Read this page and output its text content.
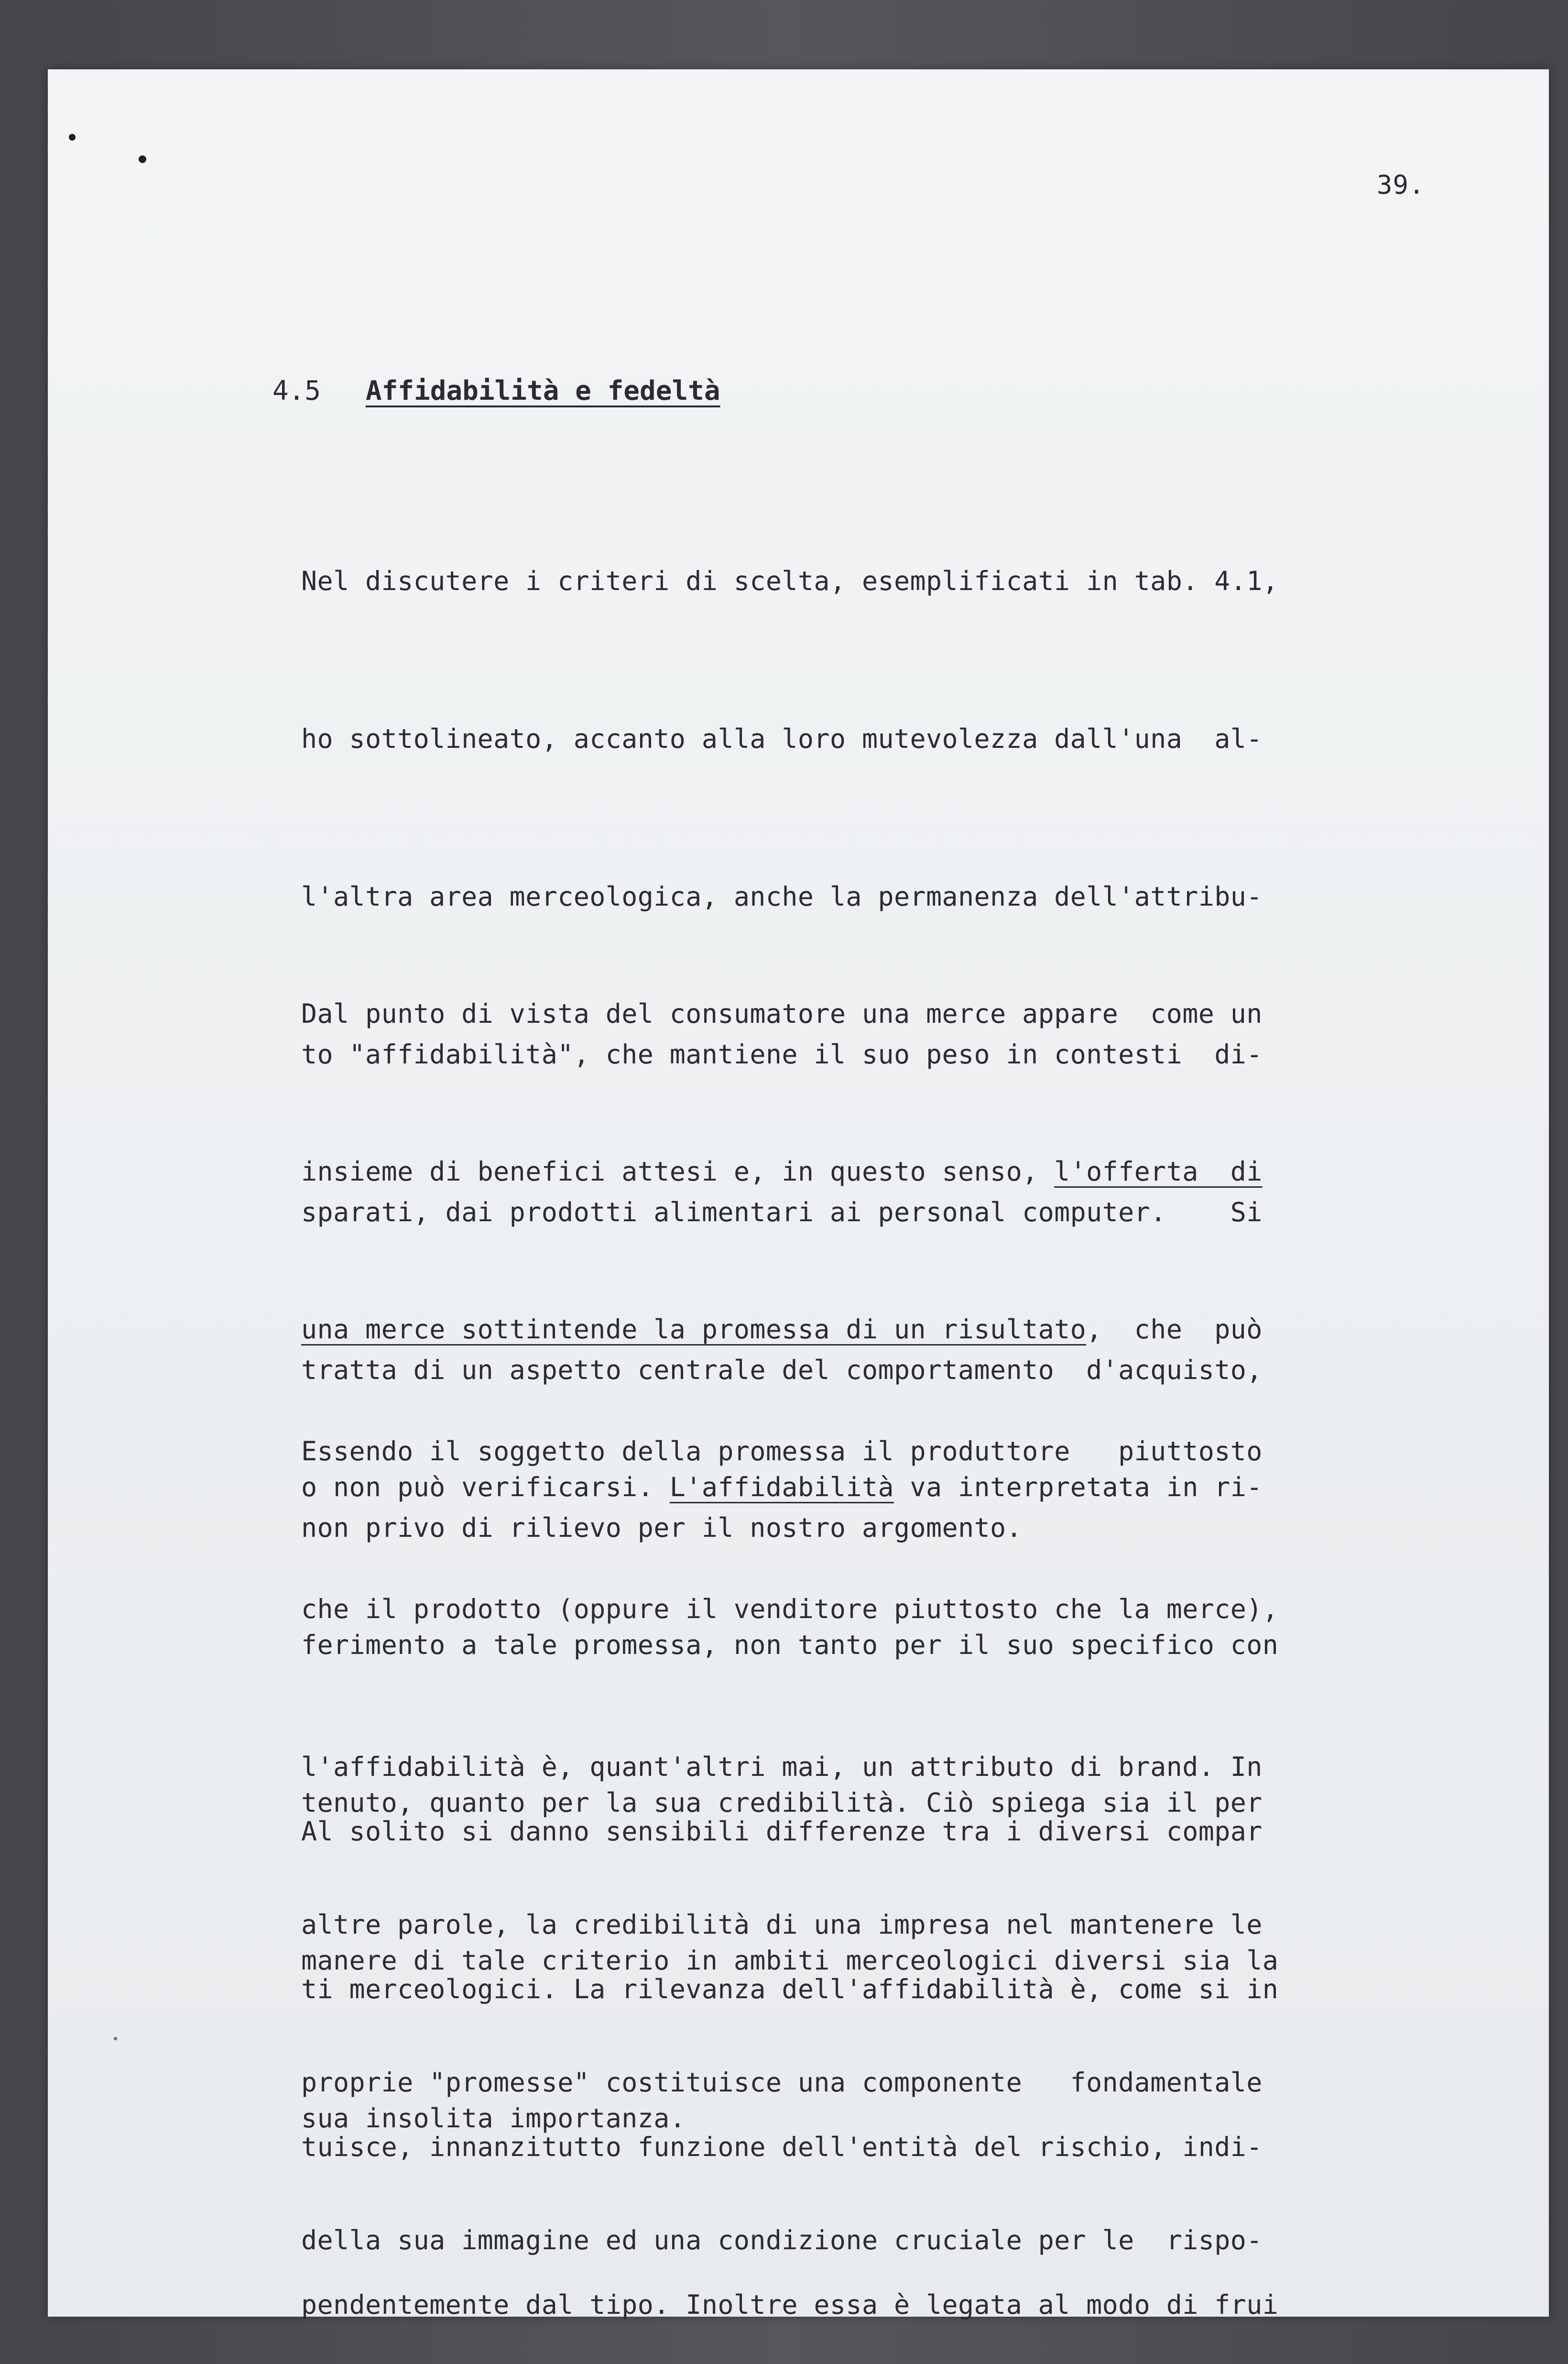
39.

4.5 Affidabilità e fedeltà

Nel discutere i criteri di scelta, esemplificati in tab. 4.1,

ho sottolineato, accanto alla loro mutevolezza dall'una  al-

l'altra area merceologica, anche la permanenza dell'attribu-

to "affidabilità", che mantiene il suo peso in contesti  di-

sparati, dai prodotti alimentari ai personal computer.    Si

tratta di un aspetto centrale del comportamento  d'acquisto,

non privo di rilievo per il nostro argomento.

Dal punto di vista del consumatore una merce appare  come un

insieme di benefici attesi e, in questo senso, l'offerta  di

una merce sottintende la promessa di un risultato,  che  può

o non può verificarsi. L'affidabilità va interpretata in ri-

ferimento a tale promessa, non tanto per il suo specifico con

tenuto, quanto per la sua credibilità. Ciò spiega sia il per

manere di tale criterio in ambiti merceologici diversi sia la

sua insolita importanza.

Essendo il soggetto della promessa il produttore   piuttosto

che il prodotto (oppure il venditore piuttosto che la merce),

l'affidabilità è, quant'altri mai, un attributo di brand. In

altre parole, la credibilità di una impresa nel mantenere le

proprie "promesse" costituisce una componente   fondamentale

della sua immagine ed una condizione cruciale per le  rispo-

Al solito si danno sensibili differenze tra i diversi compar

ti merceologici. La rilevanza dell'affidabilità è, come si in

tuisce, innanzitutto funzione dell'entità del rischio, indi-

pendentemente dal tipo. Inoltre essa è legata al modo di frui
